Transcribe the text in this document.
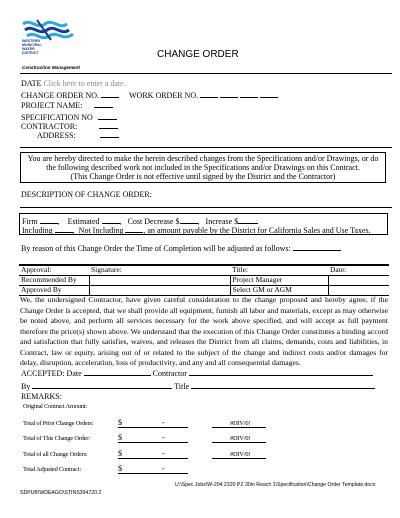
WESTERN
MUNICIPAL
WATER
DISTRICT
Construction Management
CHANGE ORDER
DATE Click here to enter a date.
CHANGE ORDER NO.	WORK ORDER NO.
PROJECT NAME:
SPECIFICATION NO
CONTRACTOR:
ADDRESS:
You are hereby directed to make the herein described changes from the Specifications and/or Drawings, or do
the following described work not included in the Specifications and/or Drawings on this Contract.
(This Change Order is not effective until signed by the District and the Contractor)
DESCRIPTION OF CHANGE ORDER:
Firm	,    Estimated	,   Cost Decrease $ ,   Increase $
Including	,  Not Including	, an amount payable by the District for California Sales and Use Taxes.
By reason of this Change Order the Time of Completion will be adjusted as follows:
Approval:	Signature:	Title:	Date:
Recommended By		Project Manager	
Approved By		Select GM or AGM	
We, the undersigned Contractor, have given careful consideration to the change proposed and hereby agree, if the Change Order is accepted, that we shall provide all equipment, furnish all labor and materials, except as may otherwise be noted above, and perform all services necessary for the work above specified, and will accept as full payment therefore the price(s) shown above. We understand that the execution of this Change Order constitutes a binding accord and satisfaction that fully satisfies, waives, and releases the District from all claims, demands, costs and liabilities, in Contract, law or equity, arising out of or related to the subject of the change and indirect costs and/or damages for delay, disruption, acceleration, loss of productivity, and any and all consequential damages.
ACCEPTED: Date	Contractor
By	Title
REMARKS:
Original Contract Amount:
Total of Prior Change Orders:	$	-	#DIV/0!
Total of This Change Order:	$	-	#DIV/0!
Total of all Change Orders:	$	-	#DIV/0!
Total Adjusted Contract:	$	-
U:\Spec Jobs\W-204 2320 PZ 30in Reach 1\Specification\Change Order Template.docx
SDPUB\WDEAGO\STINS394720.2
